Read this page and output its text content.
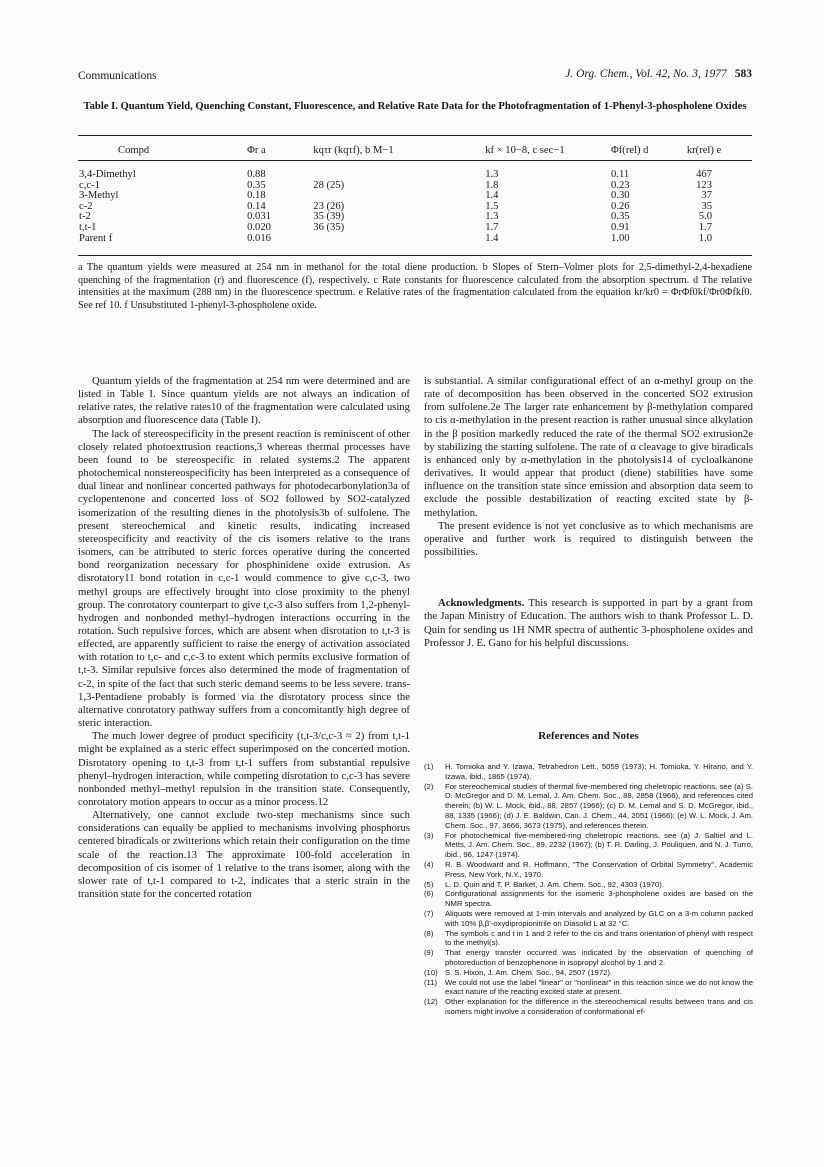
Communications	J. Org. Chem., Vol. 42, No. 3, 1977 583
Table I. Quantum Yield, Quenching Constant, Fluorescence, and Relative Rate Data for the Photofragmentation of 1-Phenyl-3-phospholene Oxides
Compd	Φr a	kqτr (kqτf), b M−1	kf × 10−8, c sec−1	Φf(rel) d	kr(rel) e

3,4-Dimethyl	0.88		1.3	0.11	467
c,c-1	0.35	28 (25)	1.8	0.23	123
3-Methyl	0.18		1.4	0.30	37
c-2	0.14	23 (26)	1.5	0.26	35
t-2	0.031	35 (39)	1.3	0.35	5.0
t,t-1	0.020	36 (35)	1.7	0.91	1.7
Parent f	0.016		1.4	1.00	1.0
a The quantum yields were measured at 254 nm in methanol for the total diene production. b Slopes of Stern–Volmer plots for 2,5-dimethyl-2,4-hexadiene quenching of the fragmentation (r) and fluorescence (f), respectively. c Rate constants for fluorescence calculated from the absorption spectrum. d The relative intensities at the maximum (288 nm) in the fluorescence spectrum. e Relative rates of the fragmentation calculated from the equation kr/kr0 = ΦrΦf0kf/Φr0Φfkf0. See ref 10. f Unsubstituted 1-phenyl-3-phospholene oxide.

Quantum yields of the fragmentation at 254 nm were determined and are listed in Table I. Since quantum yields are not always an indication of relative rates, the relative rates10 of the fragmentation were calculated using absorption and fluorescence data (Table I).

The lack of stereospecificity in the present reaction is reminiscent of other closely related photoextrusion reactions,3 whereas thermal processes have been found to be stereospecific in related systems.2 The apparent photochemical nonstereospecificity has been interpreted as a consequence of dual linear and nonlinear concerted pathways for photodecarbonylation3a of cyclopentenone and concerted loss of SO2 followed by SO2-catalyzed isomerization of the resulting dienes in the photolysis3b of sulfolene. The present stereochemical and kinetic results, indicating increased stereospecificity and reactivity of the cis isomers relative to the trans isomers, can be attributed to steric forces operative during the concerted bond reorganization necessary for phosphinidene oxide extrusion. As disrotatory11 bond rotation in c,c-1 would commence to give c,c-3, two methyl groups are effectively brought into close proximity to the phenyl group. The conrotatory counterpart to give t,c-3 also suffers from 1,2-phenyl-hydrogen and nonbonded methyl–hydrogen interactions occurring in the rotation. Such repulsive forces, which are absent when disrotation to t,t-3 is effected, are apparently sufficient to raise the energy of activation associated with rotation to t,c- and c,c-3 to extent which permits exclusive formation of t,t-3. Similar repulsive forces also determined the mode of fragmentation of c-2, in spite of the fact that such steric demand seems to be less severe. trans-1,3-Pentadiene probably is formed via the disrotatory process since the alternative conrotatory pathway suffers from a concomitantly high degree of steric interaction.

The much lower degree of product specificity (t,t-3/c,c-3 ≈ 2) from t,t-1 might be explained as a steric effect superimposed on the concerted motion. Disrotatory opening to t,t-3 from t,t-1 suffers from substantial repulsive phenyl–hydrogen interaction, while competing disrotation to c,c-3 has severe nonbonded methyl–methyl repulsion in the transition state. Consequently, conrotatory motion appears to occur as a minor process.12

Alternatively, one cannot exclude two-step mechanisms since such considerations can equally be applied to mechanisms involving phosphorus centered biradicals or zwitterions which retain their configuration on the time scale of the reaction.13 The approximate 100-fold acceleration in decomposition of cis isomer of 1 relative to the trans isomer, along with the slower rate of t,t-1 compared to t-2, indicates that a steric strain in the transition state for the concerted rotation

is substantial. A similar configurational effect of an α-methyl group on the rate of decomposition has been observed in the concerted SO2 extrusion from sulfolene.2e The larger rate enhancement by β-methylation compared to cis α-methylation in the present reaction is rather unusual since alkylation in the β position markedly reduced the rate of the thermal SO2 extrusion2e by stabilizing the starting sulfolene. The rate of α cleavage to give biradicals is enhanced only by α-methylation in the photolysis14 of cycloalkanone derivatives. It would appear that product (diene) stabilities have some influence on the transition state since emission and absorption data seem to exclude the possible destabilization of reacting excited state by β-methylation.

The present evidence is not yet conclusive as to which mechanisms are operative and further work is required to distinguish between the possibilities.

Acknowledgments. This research is supported in part by a grant from the Japan Ministry of Education. The authors wish to thank Professor L. D. Quin for sending us 1H NMR spectra of authentic 3-phospholene oxides and Professor J. E. Gano for his helpful discussions.

References and Notes
(1) H. Tomioka and Y. Izawa, Tetrahedron Lett., 5059 (1973); H. Tomioka, Y. Hirano, and Y. Izawa, ibid., 1865 (1974).
(2) For stereochemical studies of thermal five-membered ring cheletropic reactions, see (a) S. D. McGregor and D. M. Lemal, J. Am. Chem. Soc., 88, 2858 (1966), and references cited therein; (b) W. L. Mock, ibid., 88, 2857 (1966); (c) D. M. Lemal and S. D. McGregor, ibid., 88, 1335 (1966); (d) J. E. Baldwin, Can. J. Chem., 44, 2051 (1966); (e) W. L. Mock, J. Am. Chem. Soc., 97, 3666, 3673 (1975), and references therein.
(3) For photochemical five-membered-ring cheletropic reactions, see (a) J. Saltiel and L. Metts, J. Am. Chem. Soc., 89, 2232 (1967); (b) T. R. Darling, J. Pouliquen, and N. J. Turro, ibid., 96, 1247 (1974).
(4) R. B. Woodward and R. Hoffmann, "The Conservation of Orbital Symmetry", Academic Press, New York, N.Y., 1970.
(5) L. D. Quin and T. P. Barket, J. Am. Chem. Soc., 92, 4303 (1970).
(6) Configurational assignments for the isomeric 3-phospholene oxides are based on the NMR spectra.
(7) Aliquots were removed at 1-min intervals and analyzed by GLC on a 3-m column packed with 10% β,β'-oxydipropionitrile on Diasolid L at 32 °C.
(8) The symbols c and t in 1 and 2 refer to the cis and trans orientation of phenyl with respect to the methyl(s).
(9) That energy transfer occurred was indicated by the observation of quenching of photoreduction of benzophenone in isopropyl alcohol by 1 and 2.
(10) S. S. Hixon, J. Am. Chem. Soc., 94, 2507 (1972).
(11) We could not use the label "linear" or "nonlinear" in this reaction since we do not know the exact nature of the reacting excited state at present.
(12) Other explanation for the difference in the stereochemical results between trans and cis isomers might involve a consideration of conformational ef-
